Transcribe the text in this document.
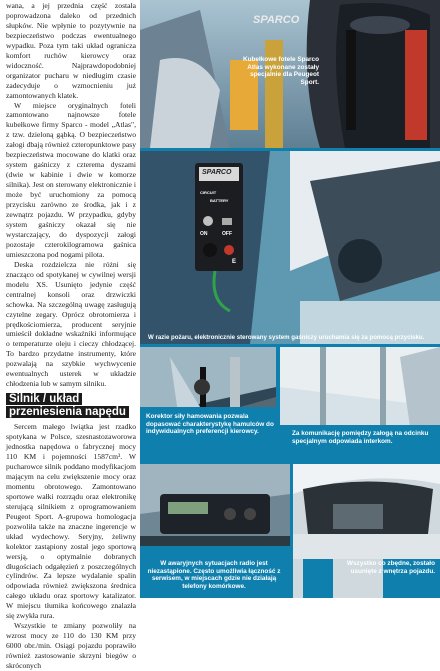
wana, a jej przednia część została poprowadzona daleko od przednich słupków. Nie wpłynie to pozytywnie na bezpieczeństwo podczas ewentualnego wypadku. Poza tym taki układ ogranicza komfort ruchów kierowcy oraz widoczność. Najprawdopodobniej organizator pucharu w niedługim czasie zadecyduje o wzmocnieniu już zamontowanych klatek.

W miejsce oryginalnych foteli zamontowano najnowsze fotele kubełkowe firmy Sparco - model „Atlas", z tzw. dzieloną gąbką. O bezpieczeństwo załogi dbają również czteropunktowe pasy bezpieczeństwa mocowane do klatki oraz system gaśniczy z czterema dyszami (dwie w kabinie i dwie w komorze silnika). Jest on sterowany elektronicznie i może być uruchomiony za pomocą przycisku zarówno ze środka, jak i z zewnątrz pojazdu. W przypadku, gdyby system gaśniczy okazał się nie wystarczający, do dyspozycji załogi pozostaje czterokilogramowa gaśnica umieszczona pod nogami pilota.

Deska rozdzielcza nie różni się znacząco od spotykanej w cywilnej wersji modelu XS. Usunięto jedynie część centralnej konsoli oraz drzwiczki schowka. Na szczególną uwagę zasługują czytelne zegary. Oprócz obrotomierza i prędkościomierza, producent seryjnie umieścił dokładne wskaźniki informujące o temperaturze oleju i cieczy chłodzącej. To bardzo przydatne instrumenty, które pozwalają na szybkie wychwycenie ewentualnych usterek w układzie chłodzenia lub w samym silniku.

Silnik / układ przeniesienia napędu

Sercem małego lwiątka jest rzadko spotykana w Polsce, szesnastozaworowa jednostka napędowa o fabrycznej mocy 110 KM i pojemności 1587cm³. W pucharowce silnik poddano modyfikacjom mającym na celu zwiększenie mocy oraz momentu obrotowego. Zamontowano sportowe wałki rozrządu oraz elektronikę sterującą silnikiem z oprogramowaniem Peugeot Sport. A-grupowa homologacja pozwoliła także na znaczne ingerencje w układ wydechowy. Seryjny, żeliwny kolektor zastąpiony został jego sportową wersją, o optymalnie dobranych długościach odgałęzień z poszczególnych cylindrów. Za lepsze wydalanie spalin odpowiada również zwiększona średnica całego układu oraz sportowy katalizator. W miejscu tłumika końcowego znalazła się zwykła rura.

Wszystkie te zmiany pozwoliły na wzrost mocy ze 110 do 130 KM przy 6000 obr./min. Osiągi pojazdu poprawiło również zastosowanie skrzyni biegów o skróconych

SPARCO
Kubełkowe fotele Sparco Atlas wykonane zostały specjalnie dla Peugeot Sport.
SPARCO
CIRCUIT
BATTERY
ON	OFF
E
W razie pożaru, elektronicznie sterowany system gaśniczy uruchamia się za pomocą przycisku.
Korektor siły hamowania pozwala dopasować charakterystykę hamulców do indywidualnych preferencji kierowcy.	Za komunikację pomiędzy załogą na odcinku specjalnym odpowiada interkom.
W awaryjnych sytuacjach radio jest niezastąpione. Często umożliwia łączność z serwisem, w miejscach gdzie nie działają telefony komórkowe.
Wszystko co zbędne, zostało usunięte z wnętrza pojazdu.
